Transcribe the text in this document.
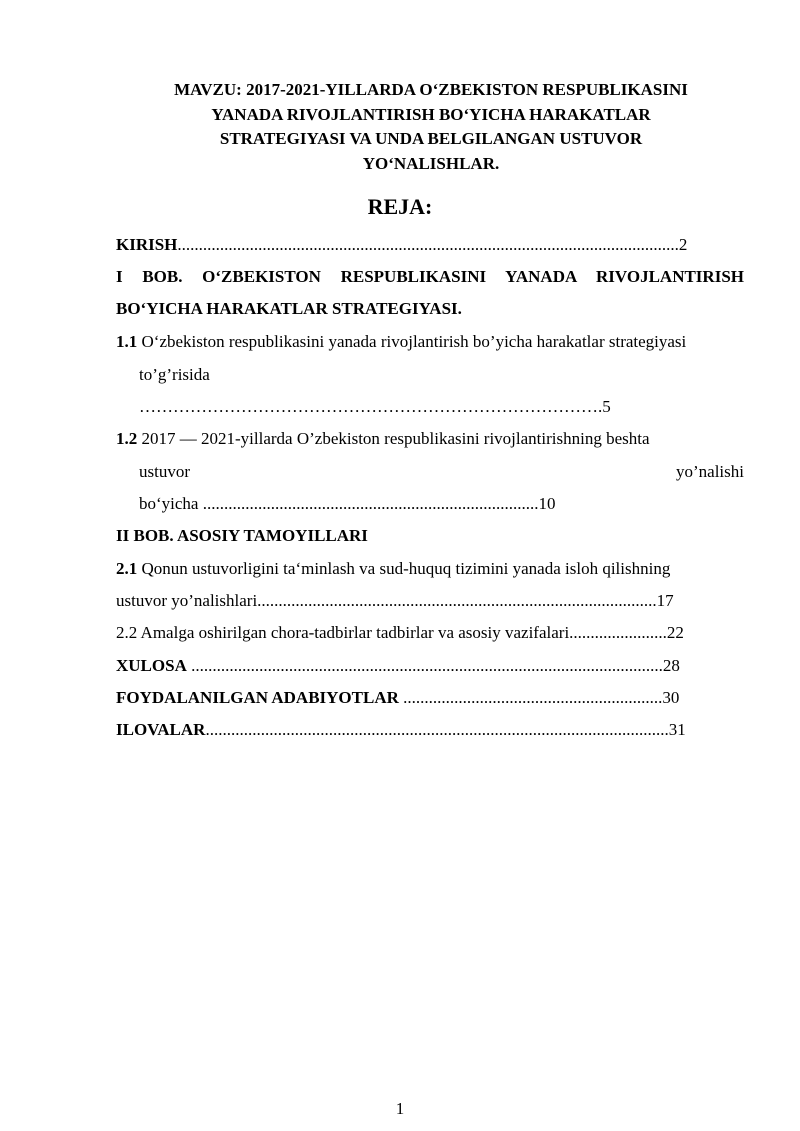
MAVZU: 2017-2021-YILLARDA O‘ZBEKISTON RESPUBLIKASINI
YANADA RIVOJLANTIRISH BO‘YICHA HARAKATLAR
STRATEGIYASI VA UNDA BELGILANGAN USTUVOR
YO‘NALISHLAR.
REJA:
KIRISH......................................................................................................................2
I BOB. O‘ZBEKISTON RESPUBLIKASINI YANADA RIVOJLANTIRISH
BO‘YICHA HARAKATLAR STRATEGIYASI.
1.1 O‘zbekiston respublikasini yanada rivojlantirish bo’yicha harakatlar strategiyasi
to’g’risida
……………………………………………………………………….5
1.2 2017 — 2021-yillarda O’zbekiston respublikasini rivojlantirishning beshta
ustuvor	yo’nalishi
bo‘yicha ...............................................................................10
II BOB. ASOSIY TAMOYILLARI
2.1 Qonun ustuvorligini ta‘minlash va sud-huquq tizimini yanada isloh qilishning
ustuvor yo’nalishlari..............................................................................................17
2.2 Amalga oshirilgan chora-tadbirlar tadbirlar va asosiy vazifalari.......................22
XULOSA ...............................................................................................................28
FOYDALANILGAN ADABIYOTLAR .............................................................30
ILOVALAR.............................................................................................................31
1
